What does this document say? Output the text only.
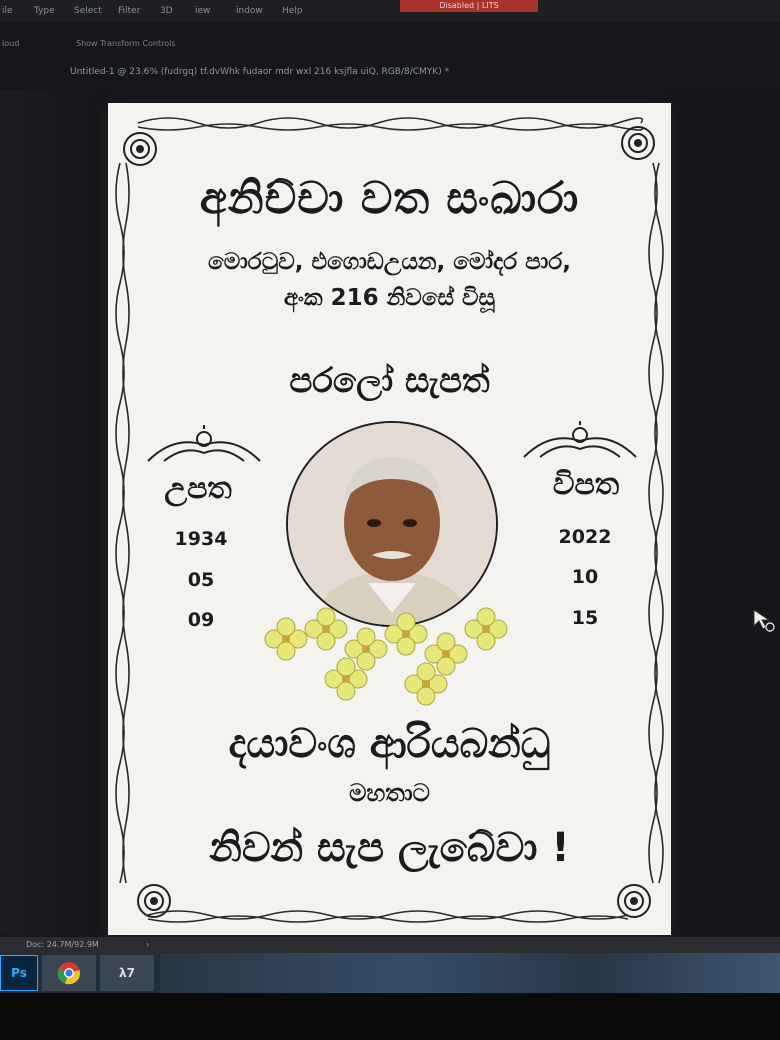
ile Type Select Filter 3D iew	indow Help
Disabled | LITS
loud	Show Transform Controls
Untitled-1 @ 23.6% (fudrgq) tf.dvWhk fudaor mdr wxl 216 ksjfla uiQ, RGB/8/CMYK) *
අනිච්චා වත සංඛාරා
මොරටුව, එගොඩඋයන, මෝදර පාර,
අංක 216 නිවසේ විසූ
පරලෝ සැපත්
උපත	විපත
1934
05
09
2022
10
15
දයාවංශ ආරියබන්ධු
මහතාට
නිවන් සැප ලැබේවා !
Doc: 24.7M/92.9M	›
Ps	λ7
